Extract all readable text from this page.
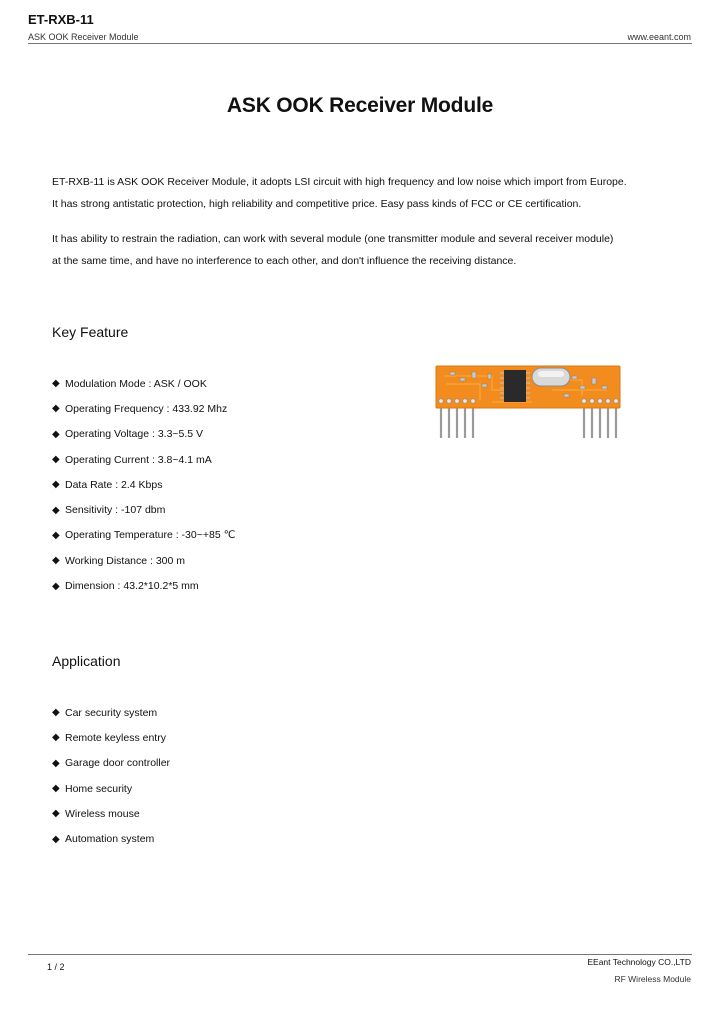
ET-RXB-11
ASK OOK Receiver Module	www.eeant.com
ASK OOK Receiver Module
ET-RXB-11 is ASK OOK Receiver Module, it adopts LSI circuit with high frequency and low noise which import from Europe.
It has strong antistatic protection, high reliability and competitive price. Easy pass kinds of FCC or CE certification.
It has ability to restrain the radiation, can work with several module (one transmitter module and several receiver module)
at the same time, and have no interference to each other, and don't influence the receiving distance.
Key Feature
◆ Modulation Mode : ASK / OOK
◆ Operating Frequency : 433.92 Mhz
◆ Operating Voltage : 3.3~5.5 V
◆ Operating Current : 3.8~4.1 mA
◆ Data Rate : 2.4 Kbps
◆ Sensitivity : -107 dbm
◆ Operating Temperature : -30~+85 ℃
◆ Working Distance : 300 m
◆ Dimension : 43.2*10.2*5 mm
Application
◆ Car security system
◆ Remote keyless entry
◆ Garage door controller
◆ Home security
◆ Wireless mouse
◆ Automation system
1 / 2	EEant Technology CO.,LTD
RF Wireless Module
